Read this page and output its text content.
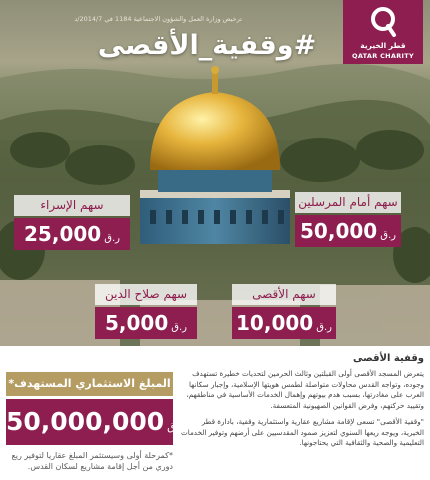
ترخيص وزارة العمل والشؤون الاجتماعية 1184 في 2014/7/د
#وقفية_الأقصى	قطر الخيرية
QATAR CHARITY
سهم الإسراء
25,000 ر.ق
سهم أمام المرسلين
50,000 ر.ق
سهم صلاح الدين
5,000 ر.ق
سهم الأقصى
10,000 ر.ق
المبلغ الاستثماري المستهدف*
50,000,000 ر.ق
*كمرحلة أولى وسيستثمر المبلغ عقاريا لتوفير ريع دوري من أجل إقامة مشاريع لسكان القدس.
وقفية الأقصى
يتعرض المسجد الأقصى أولى القبلتين وثالث الحرمين لتحديات خطيرة تستهدف وجوده، وتواجه القدس محاولات متواصلة لطمس هويتها الإسلامية، وإجبار سكانها العرب على مغادرتها، بسبب هدم بيوتهم وإهمال الخدمات الأساسية في مناطقهم، وتقييد حركتهم، وفرض القوانين الصهيونية المتعسفة.
"وقفية الأقصى" تسعى لإقامة مشاريع عقارية واستثمارية وقفية، بادارة قطر الخيرية، ويوجه ريعها السنوي لتعزيز صمود المقدسيين على أرضهم وتوفير الخدمات التعليمية والصحية والثقافية التي يحتاجونها.
